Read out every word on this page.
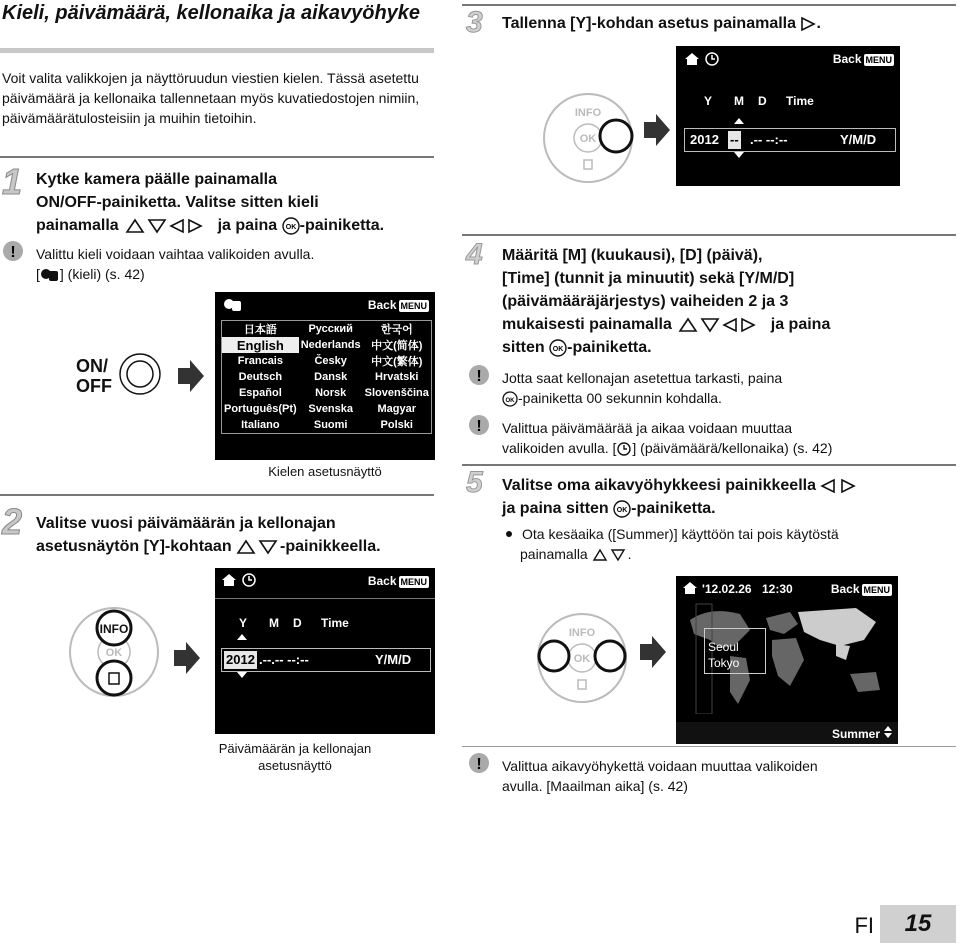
Kieli, päivämäärä, kellonaika ja aikavyöhyke
Voit valita valikkojen ja näyttöruudun viestien kielen. Tässä asetettu päivämäärä ja kellonaika tallennetaan myös kuvatiedostojen nimiin, päivämäärätulosteisiin ja muihin tietoihin.
1 Kytke kamera päälle painamalla
ON/OFF-painiketta. Valitse sitten kieli
painamalla	ja paina OK -painiketta.
! Valittu kieli voidaan vaihtaa valikoiden avulla.
[ ] (kieli) (s. 42)
ON/
OFF
Back MENU
日本語	Русский	한국어
English	Nederlands	中文(简体)
Francais	Česky	中文(繁体)
Deutsch	Dansk	Hrvatski
Español	Norsk	Slovenščina
Português(Pt)	Svenska	Magyar
Italiano	Suomi	Polski
Kielen asetusnäyttö
2 Valitse vuosi päivämäärän ja kellonajan
asetusnäytön [Y]-kohtaan	-painikkeella.
OK
INFO
Back MENU
Y M D Time
2012 .--.-- --:--	Y/M/D
Päivämäärän ja kellonajan asetusnäyttö
3 Tallenna [Y]-kohdan asetus painamalla .
INFO
OK
Back MENU
Y M D Time
2012 -- .-- --:--	Y/M/D
4 Määritä [M] (kuukausi), [D] (päivä),
[Time] (tunnit ja minuutit) sekä [Y/M/D]
(päivämääräjärjestys) vaiheiden 2 ja 3
mukaisesti painamalla	ja paina
sitten OK -painiketta.
! Jotta saat kellonajan asetettua tarkasti, paina
OK -painiketta 00 sekunnin kohdalla.
! Valittua päivämäärää ja aikaa voidaan muuttaa
valikoiden avulla. [ ] (päivämäärä/kellonaika) (s. 42)
5 Valitse oma aikavyöhykkeesi painikkeella
ja paina sitten OK -painiketta.
Ota kesäaika ([Summer)] käyttöön tai pois käytöstä
painamalla	.
INFO
OK
'12.02.26 12:30	Back MENU
Seoul
Tokyo
Summer
! Valittua aikavyöhykettä voidaan muuttaa valikoiden
avulla. [Maailman aika] (s. 42)
FI	15
